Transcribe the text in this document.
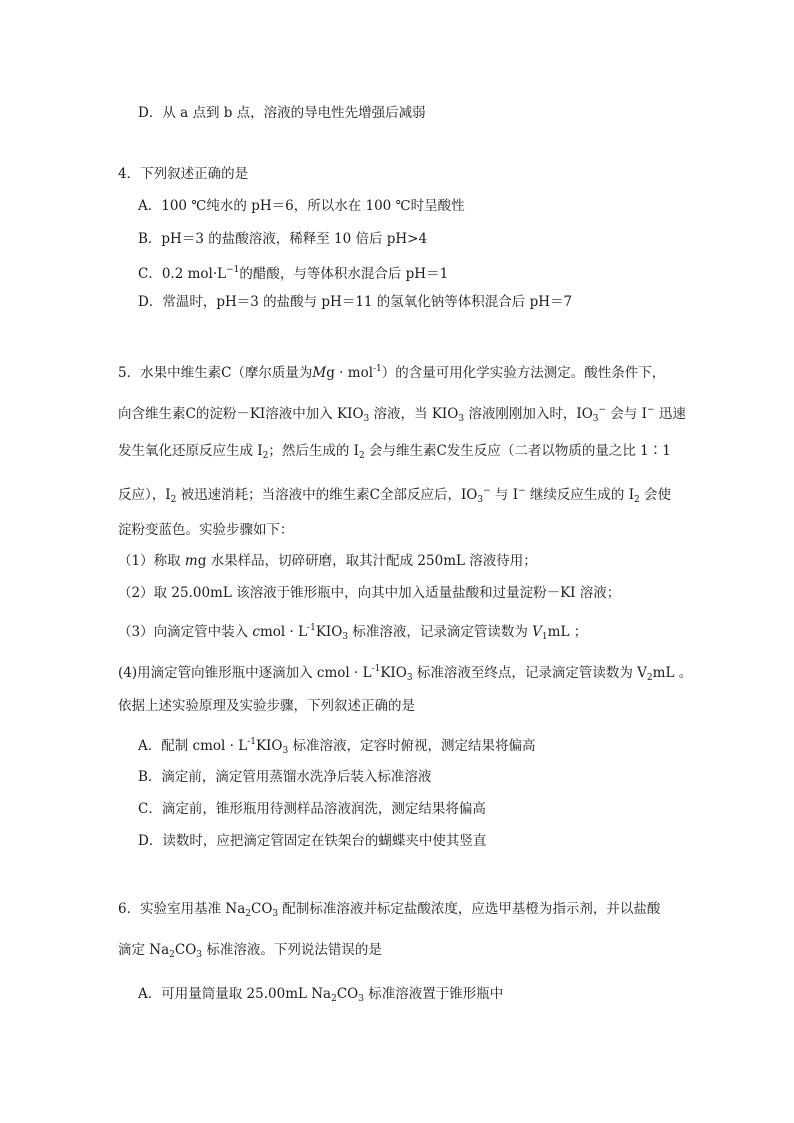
D．从 a 点到 b 点，溶液的导电性先增强后减弱
4．下列叙述正确的是
A．100 ℃纯水的 pH＝6，所以水在 100 ℃时呈酸性
B．pH＝3 的盐酸溶液，稀释至 10 倍后 pH>4
C．0.2 $mol\cdot L^{-1}$的醋酸，与等体积水混合后 pH＝1
D．常温时，pH＝3 的盐酸与 pH＝11 的氢氧化钠等体积混合后 pH＝7
5．水果中维生素C（摩尔质量为Mg · mol$^{-1}$）的含量可用化学实验方法测定。酸性条件下，
向含维生素C的淀粉－KI溶液中加入 $KIO_3$ 溶液，当 $KIO_3$ 溶液刚刚加入时，$IO_3^-$ 会与 I− 迅速
发生氧化还原反应生成 $I_2$；然后生成的 $I_2$ 会与维生素C发生反应（二者以物质的量之比 1∶1
反应），$I_2$ 被迅速消耗；当溶液中的维生素C全部反应后，$IO_3^-$ 与 I− 继续反应生成的 $I_2$ 会使
淀粉变蓝色。实验步骤如下：
（1）称取 mg 水果样品，切碎研磨，取其汁配成 250mL 溶液待用；
（2）取 25.00mL 该溶液于锥形瓶中，向其中加入适量盐酸和过量淀粉－KI 溶液；
（3）向滴定管中装入 cmol · $L^{-1}KIO_3$ 标准溶液，记录滴定管读数为 $V_1mL$ ；
(4)用滴定管向锥形瓶中逐滴加入 cmol · $L^{-1}KIO_3$ 标准溶液至终点，记录滴定管读数为 $V_2mL$ 。
依据上述实验原理及实验步骤，下列叙述正确的是
A．配制 cmol · $L^{-1}KIO_3$ 标准溶液，定容时俯视，测定结果将偏高
B．滴定前，滴定管用蒸馏水洗净后装入标准溶液
C．滴定前，锥形瓶用待测样品溶液润洗，测定结果将偏高
D．读数时，应把滴定管固定在铁架台的蝴蝶夹中使其竖直
6．实验室用基准 $Na_2CO_3$ 配制标准溶液并标定盐酸浓度，应选甲基橙为指示剂，并以盐酸
滴定 $Na_2CO_3$ 标准溶液。下列说法错误的是
A．可用量筒量取 25.00mL $Na_2CO_3$ 标准溶液置于锥形瓶中
